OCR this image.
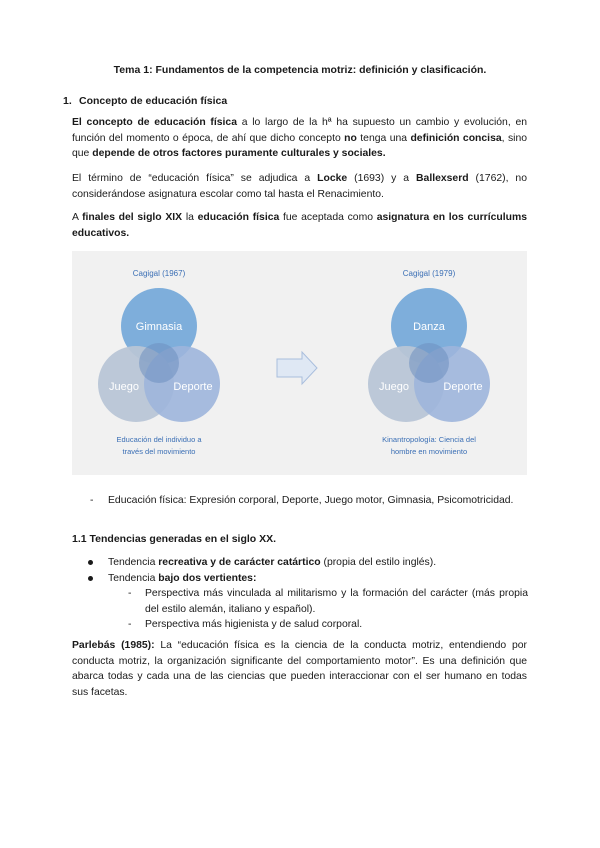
Tema 1: Fundamentos de la competencia motriz: definición y clasificación.
1. Concepto de educación física
El concepto de educación física a lo largo de la hª ha supuesto un cambio y evolución, en función del momento o época, de ahí que dicho concepto no tenga una definición concisa, sino que depende de otros factores puramente culturales y sociales.
El término de “educación física” se adjudica a Locke (1693) y a Ballexserd (1762), no considerándose asignatura escolar como tal hasta el Renacimiento.
A finales del siglo XIX la educación física fue aceptada como asignatura en los currículums educativos.
Cagigal (1967)
Gimnasia
Juego	Deporte
Educación del individuo a
través del movimiento
Cagigal (1979)
Danza
Juego	Deporte
Kinantropología: Ciencia del
hombre en movimiento
- Educación física: Expresión corporal, Deporte, Juego motor, Gimnasia, Psicomotricidad.
1.1 Tendencias generadas en el siglo XX.
Tendencia recreativa y de carácter catártico (propia del estilo inglés).
Tendencia bajo dos vertientes:
- Perspectiva más vinculada al militarismo y la formación del carácter (más propia del estilo alemán, italiano y español).
- Perspectiva más higienista y de salud corporal.
Parlebás (1985): La “educación física es la ciencia de la conducta motriz, entendiendo por conducta motriz, la organización significante del comportamiento motor”. Es una definición que abarca todas y cada una de las ciencias que pueden interaccionar con el ser humano en todas sus facetas.
